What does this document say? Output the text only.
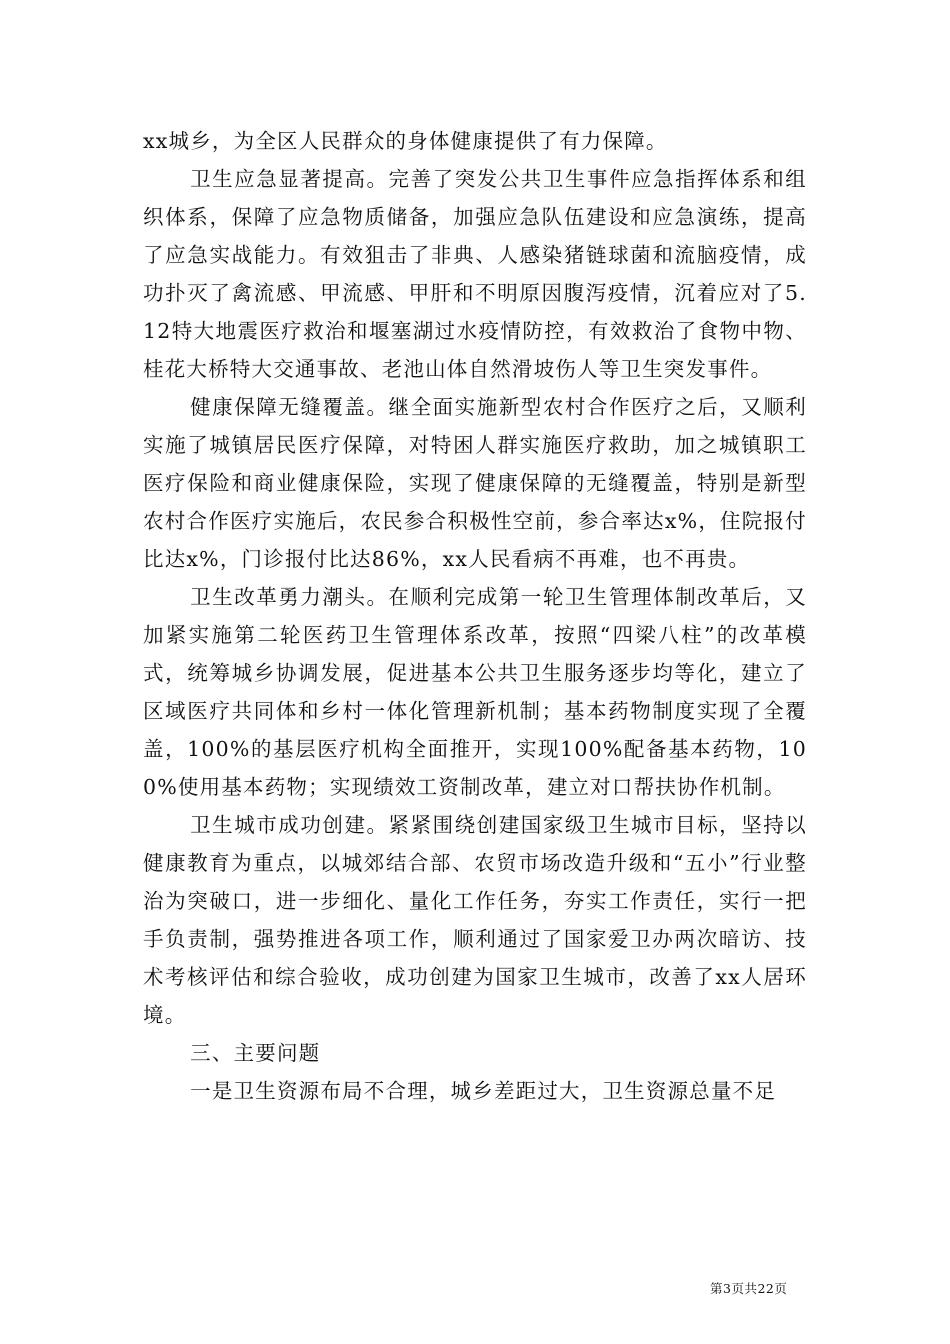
xx城乡，为全区人民群众的身体健康提供了有力保障。

卫生应急显著提高。完善了突发公共卫生事件应急指挥体系和组织体系，保障了应急物质储备，加强应急队伍建设和应急演练，提高了应急实战能力。有效狙击了非典、人感染猪链球菌和流脑疫情，成功扑灭了禽流感、甲流感、甲肝和不明原因腹泻疫情，沉着应对了5.12特大地震医疗救治和堰塞湖过水疫情防控，有效救治了食物中物、桂花大桥特大交通事故、老池山体自然滑坡伤人等卫生突发事件。

健康保障无缝覆盖。继全面实施新型农村合作医疗之后，又顺利实施了城镇居民医疗保障，对特困人群实施医疗救助，加之城镇职工医疗保险和商业健康保险，实现了健康保障的无缝覆盖，特别是新型农村合作医疗实施后，农民参合积极性空前，参合率达x%，住院报付比达x%，门诊报付比达86%，xx人民看病不再难，也不再贵。

卫生改革勇力潮头。在顺利完成第一轮卫生管理体制改革后，又加紧实施第二轮医药卫生管理体系改革，按照“四梁八柱”的改革模式，统筹城乡协调发展，促进基本公共卫生服务逐步均等化，建立了区域医疗共同体和乡村一体化管理新机制；基本药物制度实现了全覆盖，100%的基层医疗机构全面推开，实现100%配备基本药物，100%使用基本药物；实现绩效工资制改革，建立对口帮扶协作机制。

卫生城市成功创建。紧紧围绕创建国家级卫生城市目标，坚持以健康教育为重点，以城郊结合部、农贸市场改造升级和“五小”行业整治为突破口，进一步细化、量化工作任务，夯实工作责任，实行一把手负责制，强势推进各项工作，顺利通过了国家爱卫办两次暗访、技术考核评估和综合验收，成功创建为国家卫生城市，改善了xx人居环境。

三、主要问题

一是卫生资源布局不合理，城乡差距过大，卫生资源总量不足

第3页共22页
